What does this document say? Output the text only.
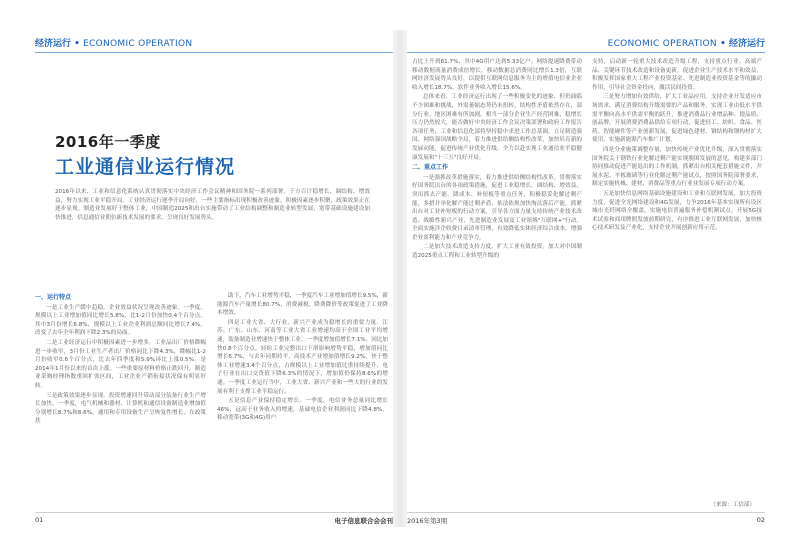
经济运行 • ECONOMIC OPERATION
2016年一季度
工业通信业运行情况
2016年以来，工业和信息化系统认真贯彻落实中央经济工作会议精神和国务院一系列部署，千方百计稳增长、调结构、增效益，努力实现工业平稳开局。工业经济运行逐季开局向好，一些主要指标出现积极改善迹象，积极因素逐步积聚，政策效果正在逐步显现。制造业发展好于整体工业，中国制造2025和出台实施带动了工业结构调整和制造业转型发展，宽带基础设施建设加快推进，信息通信业朝位新技术发展的要求，呈现良好发展势头。
一、运行特点

一是工业生产缓中趋稳，企业效益状况呈现改善迹象。一季度，规模以上工业增加值同比增长5.8%，比1-2月份加快0.4个百分点，其中3月份增长6.8%，规模以上工业企业利润总额同比增长7.4%，改变了去年全年利润下降2.3%的局面。

二是工业经济运行中积极因素进一步增多。工业品出厂价格降幅进一步收窄，3月份工业生产者出厂价格同比下降4.3%，降幅比1-2月份收窄0.6个百分点，比去年四季度和5.9%环比上涨0.5%。是2014年1月份以来的首次上涨。一些重要原材料价格止跌回升，制造业采购经理指数重回扩张区间，工业企业产销衔接状况保有明显好转。

三是政策效果逐步显现。投资增速回升带动部分装备行业生产增长加快，一季度，电气机械和器材、计算机和通信设备制造业增加值分别增长8.7%和8.6%，通用和专用设备生产呈恢复性增长，在政策扶

助下，汽车工业增势平稳，一季度汽车工业增加值增长9.5%，新能源汽车产量增长80.7%，消费减税、降费降价等政策促进了工业降本增效。

四是工业大省、大行业、新兴产业成为稳增长的重要力量。江苏、广东、山东、河南等工业大省工业增速均高于全国工业平均增速，装备制造业增速快于整体工业，一季度增加值增长7.1%，同比加快0.8个百分点，轻纺工业完整出口下滑影响增势平稳，增加值同比增长6.7%，与去年同期持平，高技术产业增加值增长9.2%，快于整体工业增速3.4个百分点，占规模以上工业增加值比重持续提升，电子行业在出口交货值下降6.3%的情况下，增加值仍保持8.6%的增速。一季度工业运行当中，工业大省、新兴产业和一些大的行业的发展有利于支撑工业平稳运行。

五是信息产业保持稳定增长。一季度，电信业务总量同比增长46%，远高于业务收入的增速，基础电信企业利润同比下降4.8%，移动宽带(3G和4G)用户

01	电子信息联合会会刊
ECONOMIC OPERATION • 经济运行

占比上升到61.7%，其中4G用户达到5.33亿户。网络提速降费带动移动数据流量消费成倍增长，移动数据总消费同比增长1.3倍，互联网经济发展势头良好，以提供互联网信息服务为主的增值电信业企业收入增长18.7%，软件业务收入增长15.6%。

总体来看，工业经济运行出现了一些积极变化的迹象，但仍面临不少困难和挑战，外需萎缩态势仍未扭转，结构性矛盾依然存在，部分行业、地区困难有所加剧，相当一部分企业生产经营困难，稳增长压力仍然较大，能否做好中央经济工作会议决策部署和政府工作报告各项任务，工业和信息化部将坚持稳中求进工作总基调，立足制造强国、网络强国战略全局，着力推进供给侧结构性改革，加快培育新的发展动能，促进传统产业优化升级，全力以赴实现工业通信业平稳健康发展和"十三五"良好开局。

二、重点工作

一是强抓改革措施落实，着力推进供给侧结构性改革。贯彻落实好国务院出台的各项政策措施，促进工业稳增长、调结构、增效益，突出抓去产能、降成本、补短板等重点任务，积极稳妥化解过剩产能，多措并举化解产能过剩矛盾，依法依规加快淘汰落后产能，抓紧出台对工业补短板的行动方案，引导各方面力量支持传统产业技术改造、战略性新兴产业、先进制造业发展及工业领域"互联网+"行动，全面实施涉企收费目录清单管理，有效降低实体经济综合成本，增强企业盈利能力和产业竞争力。

二是加大技术改造支持力度，扩大工业有效投资。加大对中国制造2025重点工程和工业转型升级的

支持，启动新一轮重大技术改造升级工程，支持重点行业、高端产品、关键环节技术改造和设备更新，促进企业生产技术水平和效益，积极发挥国家重大工程产业投资基金、先进制造业投资基金等的撬动作用，引导社会资金投向，激活民间投资。

三是努力增加有效供给，扩大工业品应用。支持企业开发适应市场需求，满足消费结构升级需要的产品和服务，实现工业由低水平供需平衡向高水平供需平衡的跃升，推进消费品行业增品种、提品质、创品牌，开展消费消费品供给专项行动，促进轻工、纺织、食品、医药、智能硬件等产业创新发展，促进绿色建材、钢结构和钢构材扩大使用，实施新能源汽车推广计划。

四是分业施策调整存量，加快传统产业优化升级，深入贯彻落实国务院关于钢铁行业化解过剩产能实现脱困发展的意见，构建多部门协同推动促进产能退出的工作机制，抓紧出台相关配套措施文件，开展水泥、平板玻璃等行业化解过剩产能试点，按照国务院部署要求，制定实施机械、建材、消费品等重点行业业发展专项行动方案。

五是加快信息网络基础设施建设和工业和互联网发展，加大投资力度，促进全光网络建设和4G发展，力争2016年基本实现所有设区城市光纤网络全覆盖，实施电信普遍服务补偿机制试点，开展5G技术试验和商用牌照发放前期研究，有序推进工业互联网发展，加快核心技术研发及产业化，支持企业开展创新应用示范。

（来源：工信部）
2016年第3期	02
